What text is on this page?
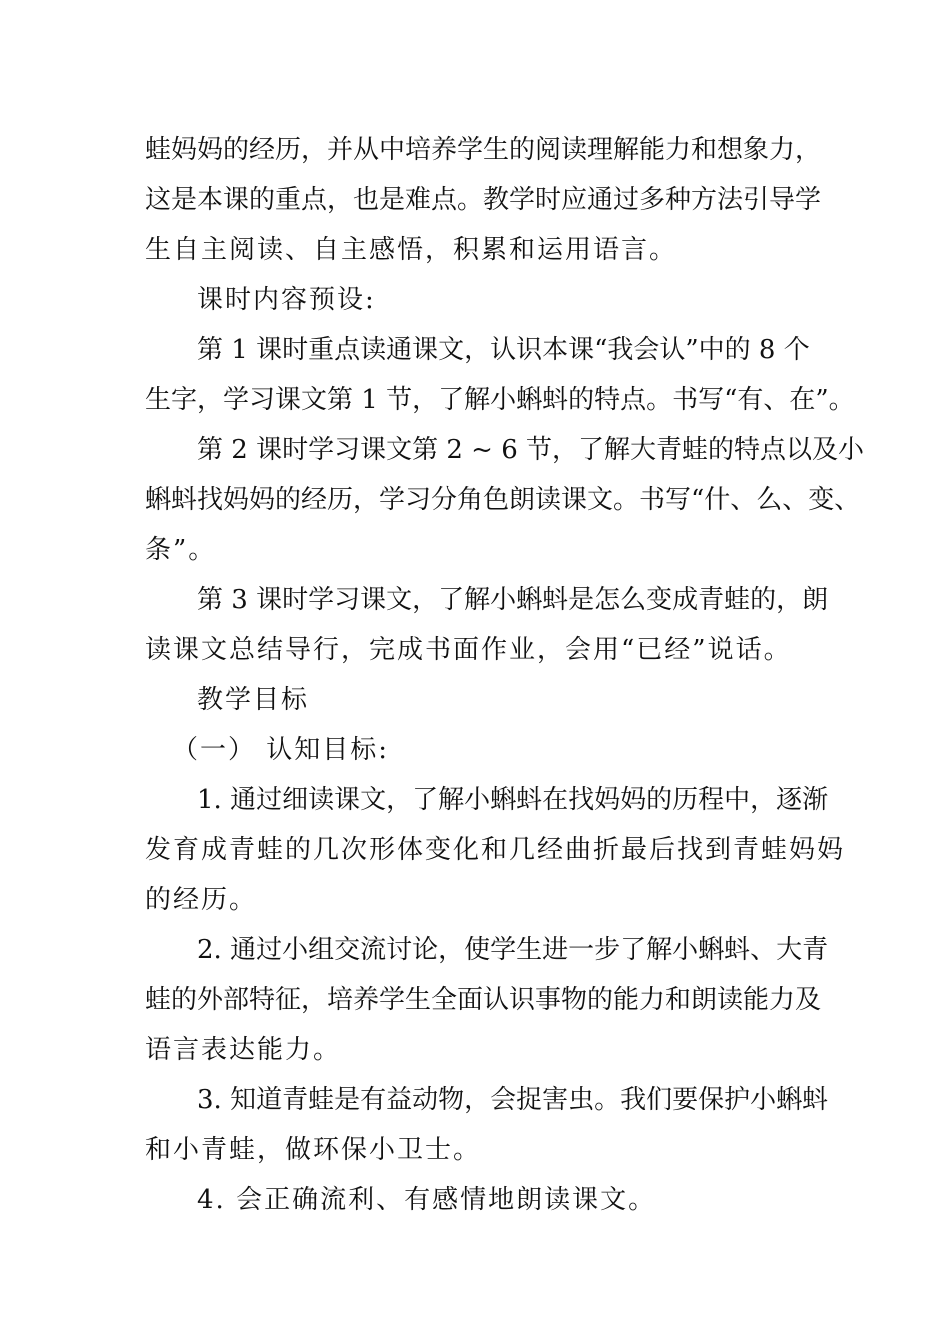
蛙妈妈的经历，并从中培养学生的阅读理解能力和想象力，
这是本课的重点，也是难点。教学时应通过多种方法引导学
生自主阅读、自主感悟，积累和运用语言。
课时内容预设:
第 1 课时重点读通课文，认识本课“我会认”中的 8 个
生字，学习课文第 1 节，了解小蝌蚪的特点。书写“有、在”。
第 2 课时学习课文第 2 ~ 6 节，了解大青蛙的特点以及小
蝌蚪找妈妈的经历，学习分角色朗读课文。书写“什、么、变、
条”。
第 3 课时学习课文，了解小蝌蚪是怎么变成青蛙的，朗
读课文总结导行，完成书面作业，会用“已经”说话。
教学目标
（一） 认知目标:
1. 通过细读课文，了解小蝌蚪在找妈妈的历程中，逐渐
发育成青蛙的几次形体变化和几经曲折最后找到青蛙妈妈
的经历。
2. 通过小组交流讨论，使学生进一步了解小蝌蚪、大青
蛙的外部特征，培养学生全面认识事物的能力和朗读能力及
语言表达能力。
3. 知道青蛙是有益动物，会捉害虫。我们要保护小蝌蚪
和小青蛙，做环保小卫士。
4. 会正确流利、有感情地朗读课文。
